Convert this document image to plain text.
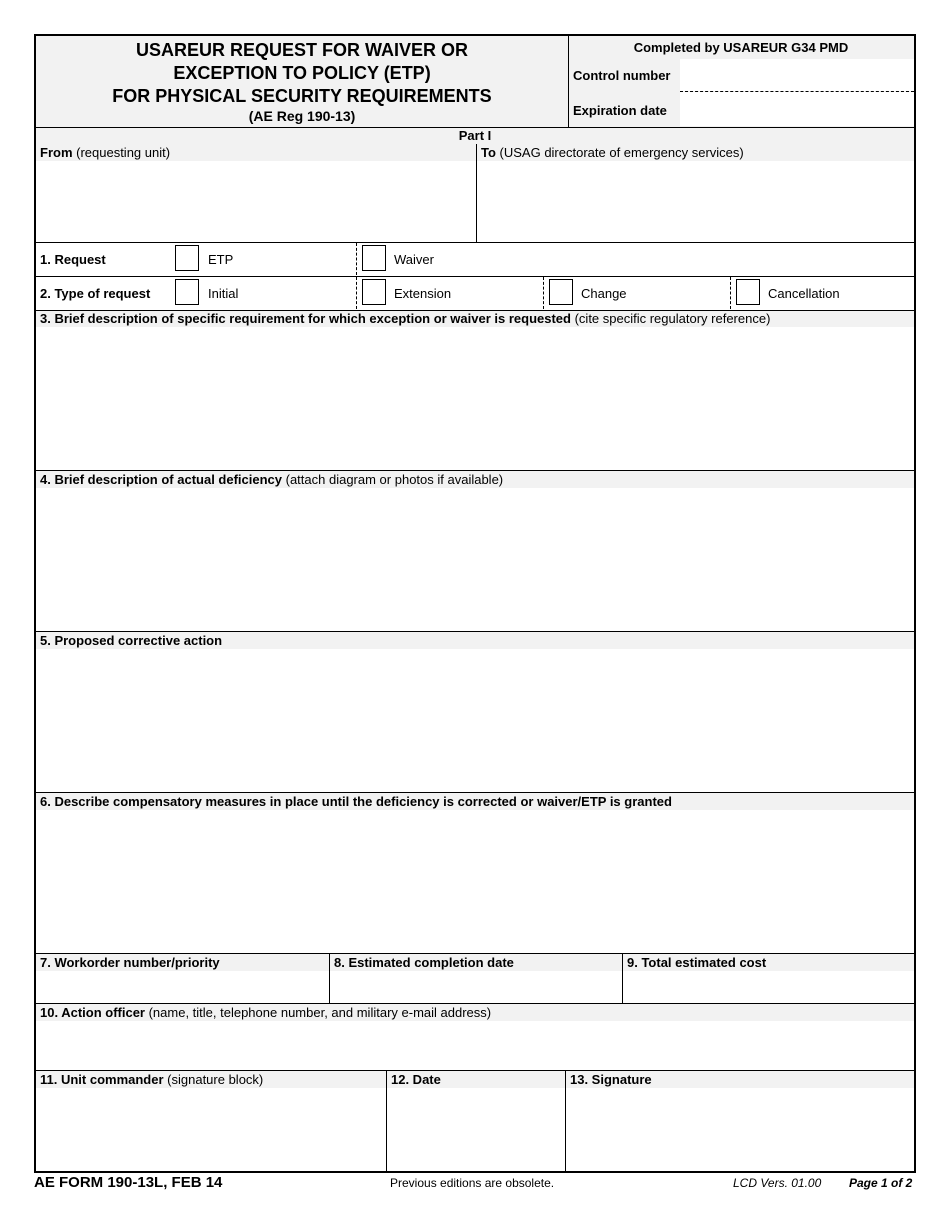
USAREUR REQUEST FOR WAIVER OR
EXCEPTION TO POLICY (ETP)
FOR PHYSICAL SECURITY REQUIREMENTS
(AE Reg 190-13)
Completed by USAREUR G34 PMD
Control number
Expiration date
Part I
From (requesting unit)	To (USAG directorate of emergency services)
1. Request	ETP	Waiver
2. Type of request	Initial	Extension	Change	Cancellation
3. Brief description of specific requirement for which exception or waiver is requested (cite specific regulatory reference)
4. Brief description of actual deficiency (attach diagram or photos if available)
5. Proposed corrective action
6. Describe compensatory measures in place until the deficiency is corrected or waiver/ETP is granted
7. Workorder number/priority	8. Estimated completion date	9. Total estimated cost
10. Action officer (name, title, telephone number, and military e-mail address)
11. Unit commander (signature block)	12. Date	13. Signature
AE FORM 190-13L, FEB 14	Previous editions are obsolete.	LCD Vers. 01.00 Page 1 of 2
